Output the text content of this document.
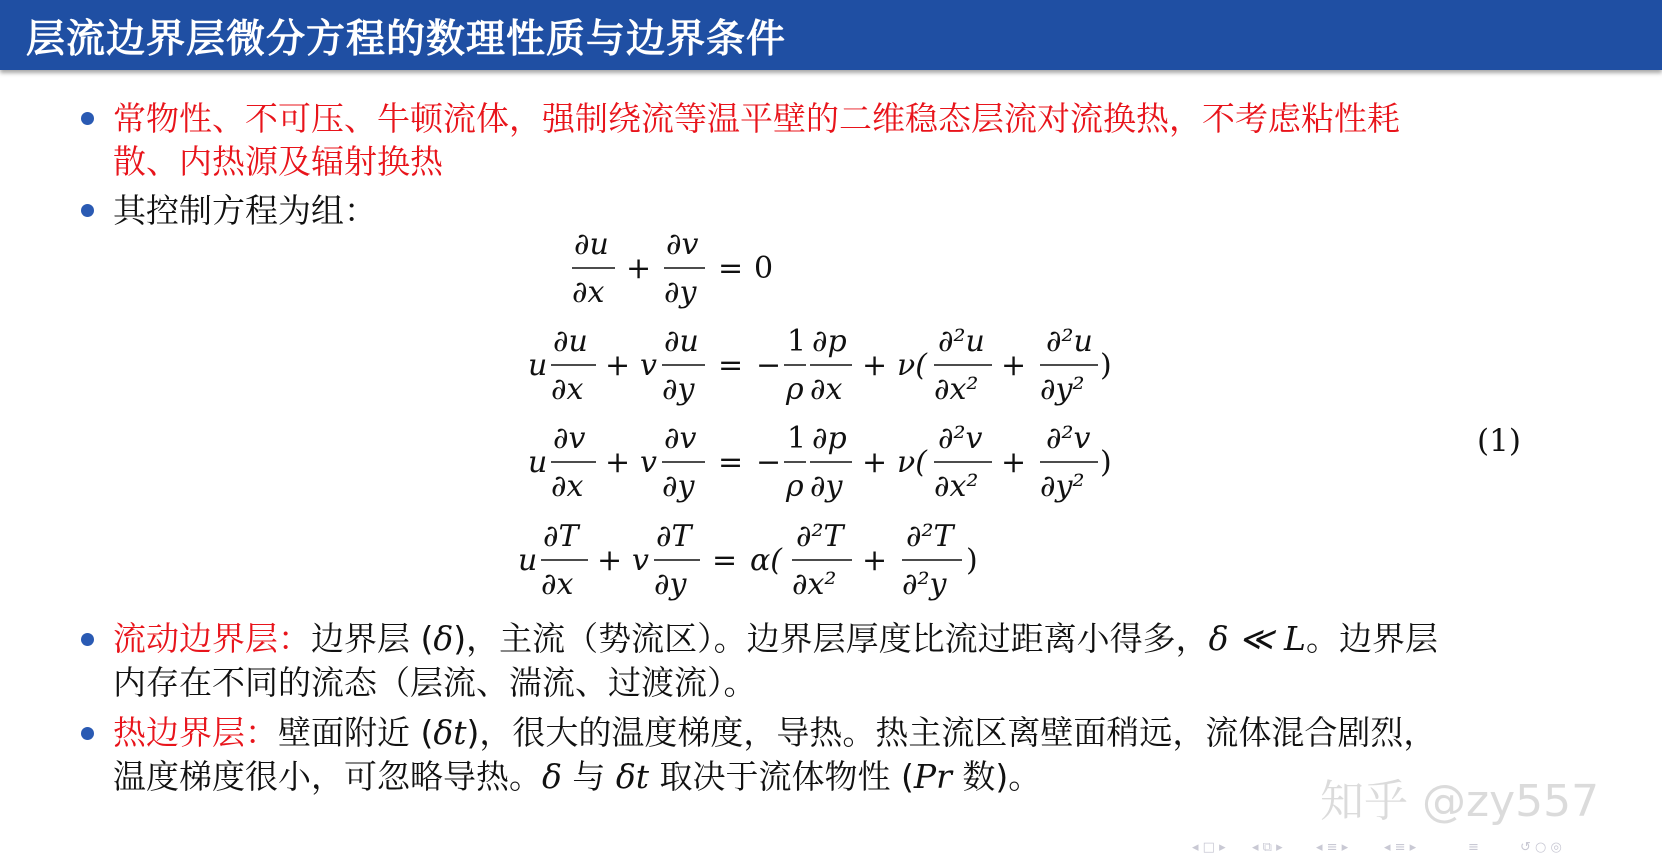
层流边界层微分方程的数理性质与边界条件
常物性、不可压、牛顿流体，强制绕流等温平壁的二维稳态层流对流换热，不考虑粘性耗
散、内热源及辐射换热
其控制方程为组：
∂u
∂x
+
∂v
∂y
= 0
u
∂u
∂x
+ v
∂u
∂y
= −
1
ρ
∂p
∂x
+ ν(
∂²u
∂x²
+
∂²u
∂y²
)
u
∂v
∂x
+ v
∂v
∂y
= −
1
ρ
∂p
∂y
+ ν(
∂²v
∂x²
+
∂²v
∂y²
)
u
∂T
∂x
+ v
∂T
∂y
= α(
∂²T
∂x²
+
∂²T
∂²y
)
(1)
流动边界层：边界层 (δ)，主流（势流区）。边界层厚度比流过距离小得多，δ ≪ L。边界层
内存在不同的流态（层流、湍流、过渡流）。
热边界层：壁面附近 (δt)，很大的温度梯度，导热。热主流区离壁面稍远，流体混合剧烈，
温度梯度很小，可忽略导热。δ 与 δt 取决于流体物性 (Pr 数)。	知乎 @zy557
◂ □ ▸ ◂ ⧉ ▸	◂ ≡ ▸	◂ ≡ ▸	≡	↺ ○ ◎
